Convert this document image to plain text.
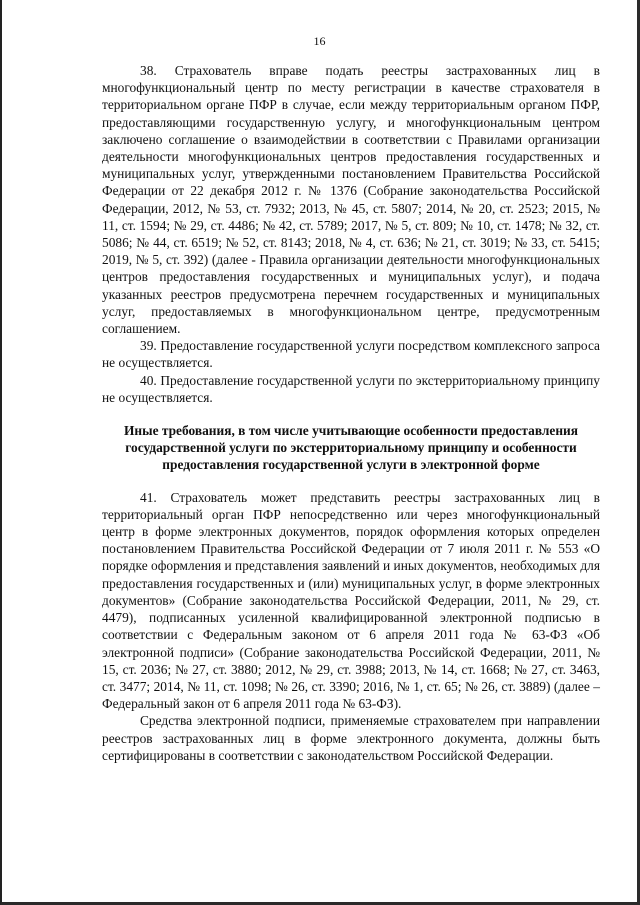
16

38. Страхователь вправе подать реестры застрахованных лиц в многофункциональный центр по месту регистрации в качестве страхователя в территориальном органе ПФР в случае, если между территориальным органом ПФР, предоставляющими государственную услугу, и многофункциональным центром заключено соглашение о взаимодействии в соответствии с Правилами организации деятельности многофункциональных центров предоставления государственных и муниципальных услуг, утвержденными постановлением Правительства Российской Федерации от 22 декабря 2012 г. № 1376 (Собрание законодательства Российской Федерации, 2012, № 53, ст. 7932; 2013, № 45, ст. 5807; 2014, № 20, ст. 2523; 2015, № 11, ст. 1594; № 29, ст. 4486; № 42, ст. 5789; 2017, № 5, ст. 809; № 10, ст. 1478; № 32, ст. 5086; № 44, ст. 6519; № 52, ст. 8143; 2018, № 4, ст. 636; № 21, ст. 3019; № 33, ст. 5415; 2019, № 5, ст. 392) (далее - Правила организации деятельности многофункциональных центров предоставления государственных и муниципальных услуг), и подача указанных реестров предусмотрена перечнем государственных и муниципальных услуг, предоставляемых в многофункциональном центре, предусмотренным соглашением.

39. Предоставление государственной услуги посредством комплексного запроса не осуществляется.

40. Предоставление государственной услуги по экстерриториальному принципу не осуществляется.

Иные требования, в том числе учитывающие особенности предоставления государственной услуги по экстерриториальному принципу и особенности предоставления государственной услуги в электронной форме

41. Страхователь может представить реестры застрахованных лиц в территориальный орган ПФР непосредственно или через многофункциональный центр в форме электронных документов, порядок оформления которых определен постановлением Правительства Российской Федерации от 7 июля 2011 г. № 553 «О порядке оформления и представления заявлений и иных документов, необходимых для предоставления государственных и (или) муниципальных услуг, в форме электронных документов» (Собрание законодательства Российской Федерации, 2011, № 29, ст. 4479), подписанных усиленной квалифицированной электронной подписью в соответствии с Федеральным законом от 6 апреля 2011 года № 63-ФЗ «Об электронной подписи» (Собрание законодательства Российской Федерации, 2011, № 15, ст. 2036; № 27, ст. 3880; 2012, № 29, ст. 3988; 2013, № 14, ст. 1668; № 27, ст. 3463, ст. 3477; 2014, № 11, ст. 1098; № 26, ст. 3390; 2016, № 1, ст. 65; № 26, ст. 3889) (далее – Федеральный закон от 6 апреля 2011 года № 63-ФЗ).

Средства электронной подписи, применяемые страхователем при направлении реестров застрахованных лиц в форме электронного документа, должны быть сертифицированы в соответствии с законодательством Российской Федерации.
